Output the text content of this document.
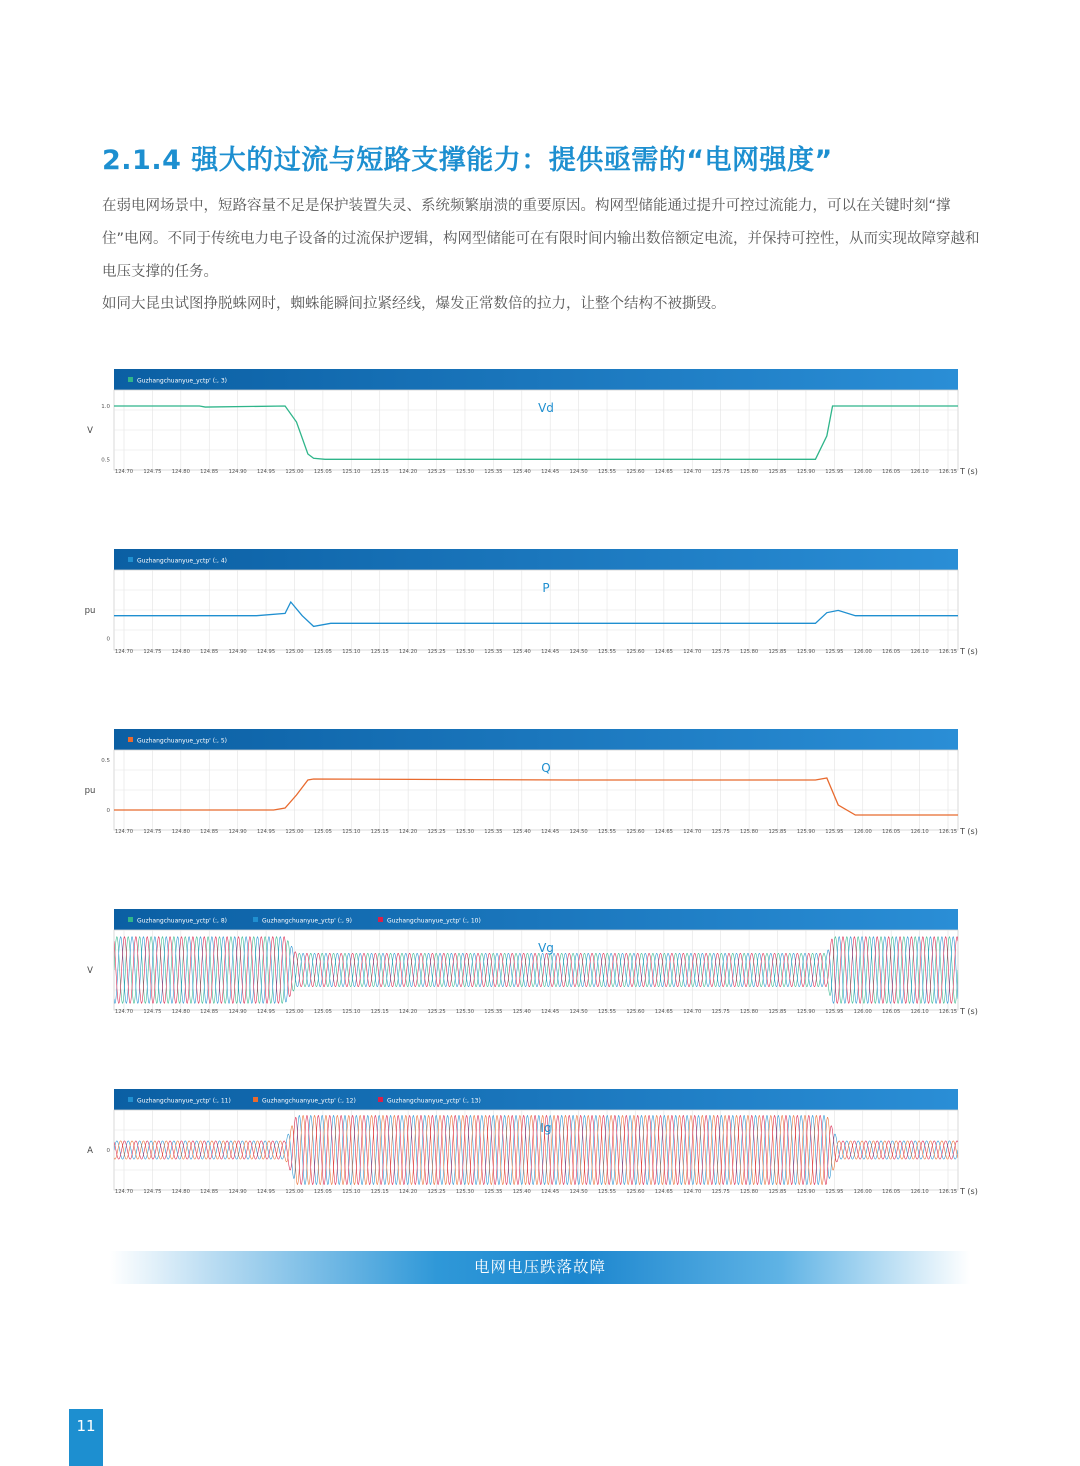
2.1.4 强大的过流与短路支撑能力：提供亟需的“电网强度”
在弱电网场景中，短路容量不足是保护装置失灵、系统频繁崩溃的重要原因。构网型储能通过提升可控过流能力，可以在关键时刻“撑住”电网。不同于传统电力电子设备的过流保护逻辑，构网型储能可在有限时间内输出数倍额定电流，并保持可控性，从而实现故障穿越和电压支撑的任务。
如同大昆虫试图挣脱蛛网时，蜘蛛能瞬间拉紧经线，爆发正常数倍的拉力，让整个结构不被撕毁。
Guzhangchuanyue_yctp' (:, 3)
124.70 124.75 124.80 124.85 124.90 124.95 125.00 125.05 125.10 125.15 124.20 125.25 125.30 125.35 125.40 124.45 124.50 125.55 125.60 124.65 124.70 125.75 125.80 125.85 125.90 125.95 126.00 126.05 126.10 126.15 T (s)
V
1.0
0.5
Vd
Guzhangchuanyue_yctp' (:, 4)
124.70 124.75 124.80 124.85 124.90 124.95 125.00 125.05 125.10 125.15 124.20 125.25 125.30 125.35 125.40 124.45 124.50 125.55 125.60 124.65 124.70 125.75 125.80 125.85 125.90 125.95 126.00 126.05 126.10 126.15 T (s)
pu
0
P
Guzhangchuanyue_yctp' (:, 5)
124.70 124.75 124.80 124.85 124.90 124.95 125.00 125.05 125.10 125.15 124.20 125.25 125.30 125.35 125.40 124.45 124.50 125.55 125.60 124.65 124.70 125.75 125.80 125.85 125.90 125.95 126.00 126.05 126.10 126.15 T (s)
pu
0.5
0
Q
Guzhangchuanyue_yctp' (:, 8)	Guzhangchuanyue_yctp' (:, 9)	Guzhangchuanyue_yctp' (:, 10)
124.70 124.75 124.80 124.85 124.90 124.95 125.00 125.05 125.10 125.15 124.20 125.25 125.30 125.35 125.40 124.45 124.50 125.55 125.60 124.65 124.70 125.75 125.80 125.85 125.90 125.95 126.00 126.05 126.10 126.15 T (s)
V
Vg
Guzhangchuanyue_yctp' (:, 11)	Guzhangchuanyue_yctp' (:, 12)	Guzhangchuanyue_yctp' (:, 13)
124.70 124.75 124.80 124.85 124.90 124.95 125.00 125.05 125.10 125.15 124.20 125.25 125.30 125.35 125.40 124.45 124.50 125.55 125.60 124.65 124.70 125.75 125.80 125.85 125.90 125.95 126.00 126.05 126.10 126.15 T (s)
A 0
Ig
电网电压跌落故障
11
